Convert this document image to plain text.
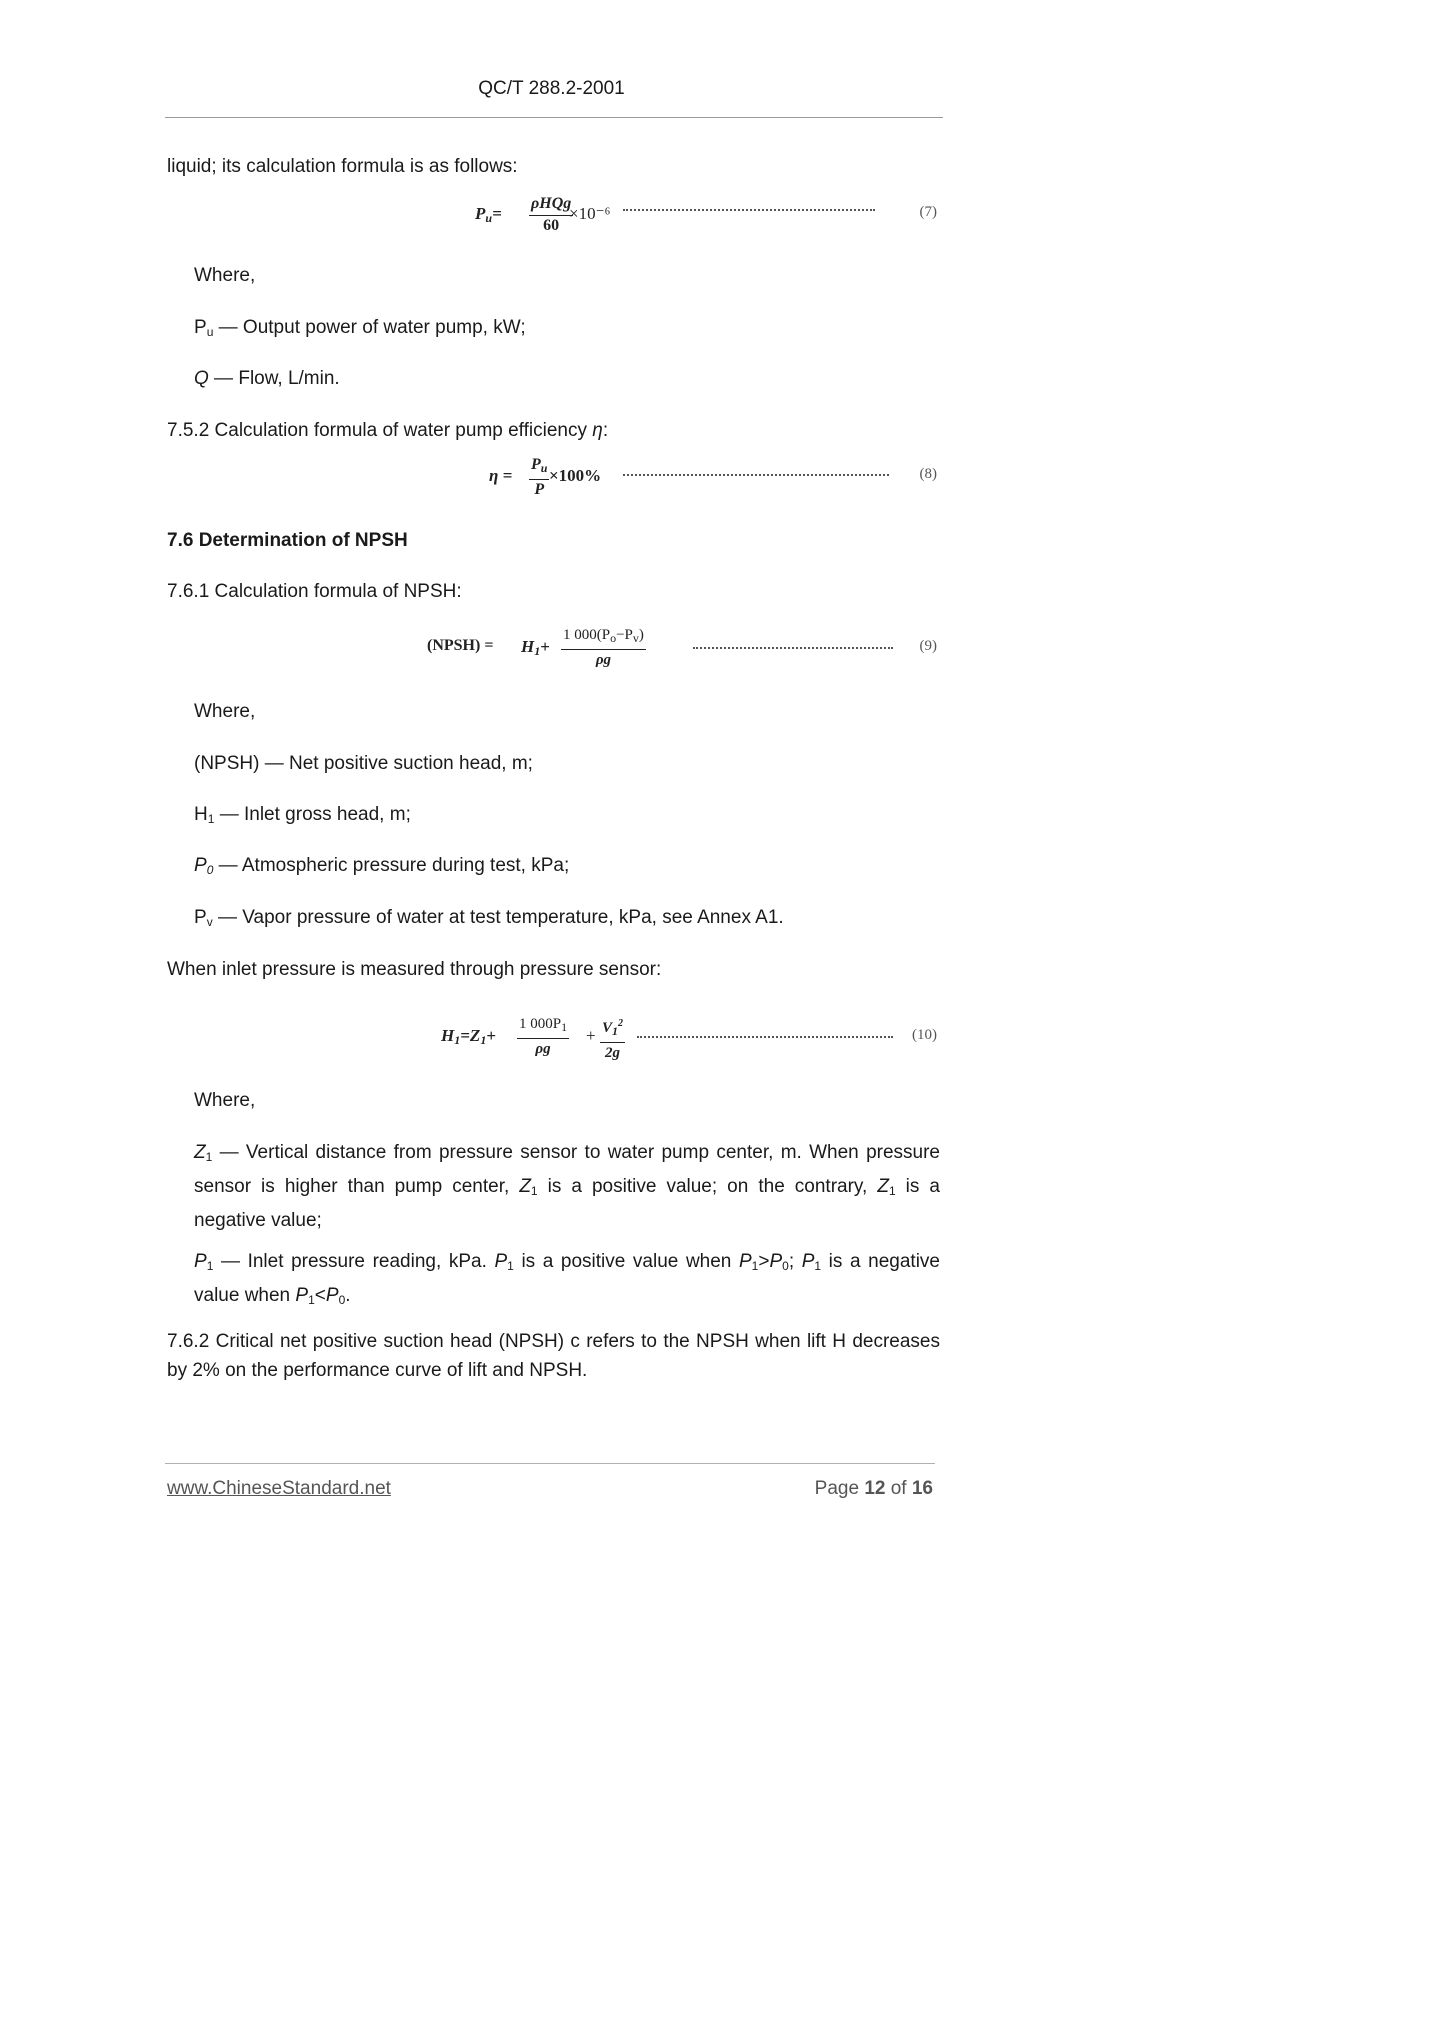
QC/T 288.2-2001
liquid; its calculation formula is as follows:
$P_u=$
ρHQg
60
×10⁻⁶	(7)
Where,
$P_u$ — Output power of water pump, kW;
Q — Flow, L/min.
7.5.2 Calculation formula of water pump efficiency η:
η =
$P_u$
P
×100%	(8)
7.6 Determination of NPSH
7.6.1 Calculation formula of NPSH:
(NPSH) = $H_1+$
1 $000(P_o-P_v)$
ρg
(9)
Where,
(NPSH) — Net positive suction head, m;
$H_1$ — Inlet gross head, m;
$P_0$ — Atmospheric pressure during test, kPa;
$P_v$ — Vapor pressure of water at test temperature, kPa, see Annex A1.
When inlet pressure is measured through pressure sensor:
$H_1=Z_1+$
1 $000P_1$
ρg
+ $V_1^2$
2g
(10)
Where,
$Z_1$ — Vertical distance from pressure sensor to water pump center, m. When pressure sensor is higher than pump center, $Z_1$ is a positive value; on the contrary, $Z_1$ is a negative value;
$P_1$ — Inlet pressure reading, kPa. $P_1$ is a positive value when $P_1>P_0$; $P_1$ is a negative value when $P_1<P_0$.
7.6.2 Critical net positive suction head (NPSH) c refers to the NPSH when lift H decreases by 2% on the performance curve of lift and NPSH.
www.ChineseStandard.net	Page 12 of 16
